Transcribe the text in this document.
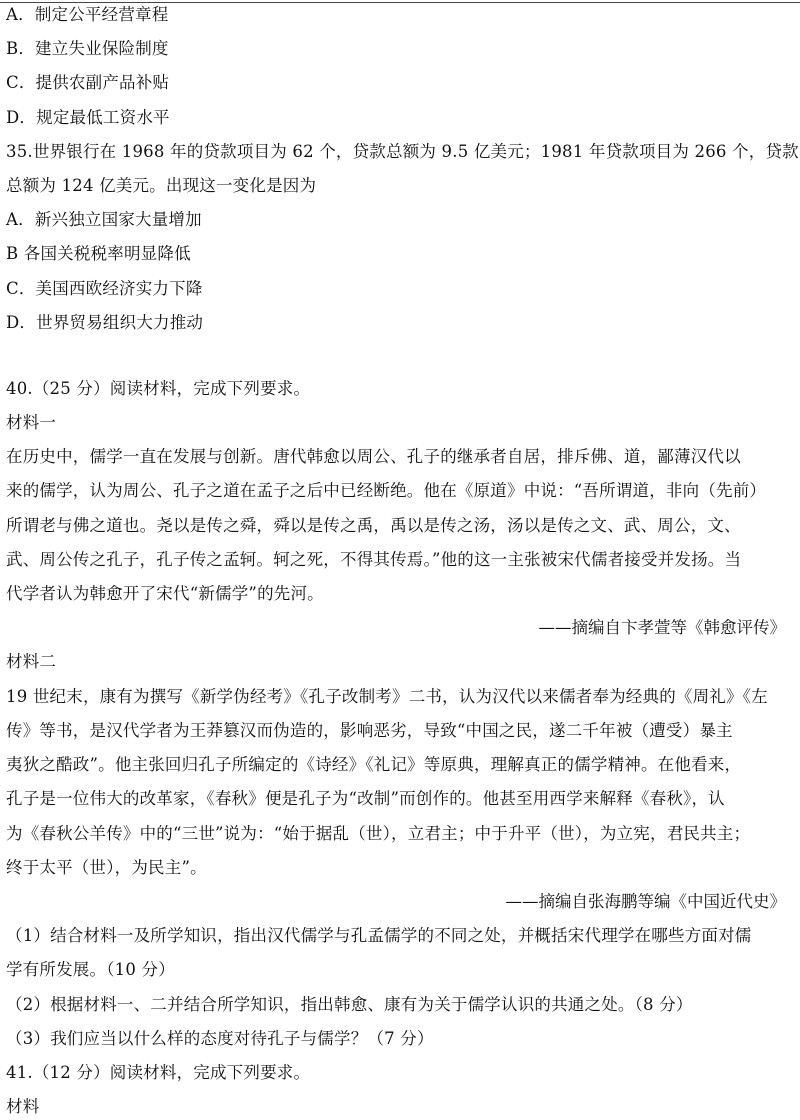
A．制定公平经营章程
B．建立失业保险制度
C．提供农副产品补贴
D．规定最低工资水平
35.世界银行在 1968 年的贷款项目为 62 个，贷款总额为 9.5 亿美元；1981 年贷款项目为 266 个，贷款
总额为 124 亿美元。出现这一变化是因为
A．新兴独立国家大量增加
B 各国关税税率明显降低
C．美国西欧经济实力下降
D．世界贸易组织大力推动
40.（25 分）阅读材料，完成下列要求。
材料一
在历史中，儒学一直在发展与创新。唐代韩愈以周公、孔子的继承者自居，排斥佛、道，鄙薄汉代以
来的儒学，认为周公、孔子之道在孟子之后中已经断绝。他在《原道》中说：“吾所谓道，非向（先前）
所谓老与佛之道也。尧以是传之舜，舜以是传之禹，禹以是传之汤，汤以是传之文、武、周公，文、
武、周公传之孔子，孔子传之孟轲。轲之死，不得其传焉。”他的这一主张被宋代儒者接受并发扬。当
代学者认为韩愈开了宋代“新儒学”的先河。
——摘编自卞孝萱等《韩愈评传》
材料二
19 世纪末，康有为撰写《新学伪经考》《孔子改制考》二书，认为汉代以来儒者奉为经典的《周礼》《左
传》等书，是汉代学者为王莽篡汉而伪造的，影响恶劣，导致“中国之民，遂二千年被（遭受）暴主
夷狄之酷政”。他主张回归孔子所编定的《诗经》《礼记》等原典，理解真正的儒学精神。在他看来，
孔子是一位伟大的改革家，《春秋》便是孔子为“改制”而创作的。他甚至用西学来解释《春秋》，认
为《春秋公羊传》中的“三世”说为：“始于据乱（世），立君主；中于升平（世），为立宪，君民共主；
终于太平（世），为民主”。
——摘编自张海鹏等编《中国近代史》
（1）结合材料一及所学知识，指出汉代儒学与孔孟儒学的不同之处，并概括宋代理学在哪些方面对儒
学有所发展。（10 分）
（2）根据材料一、二并结合所学知识，指出韩愈、康有为关于儒学认识的共通之处。（8 分）
（3）我们应当以什么样的态度对待孔子与儒学？（7 分）
41.（12 分）阅读材料，完成下列要求。
材料
